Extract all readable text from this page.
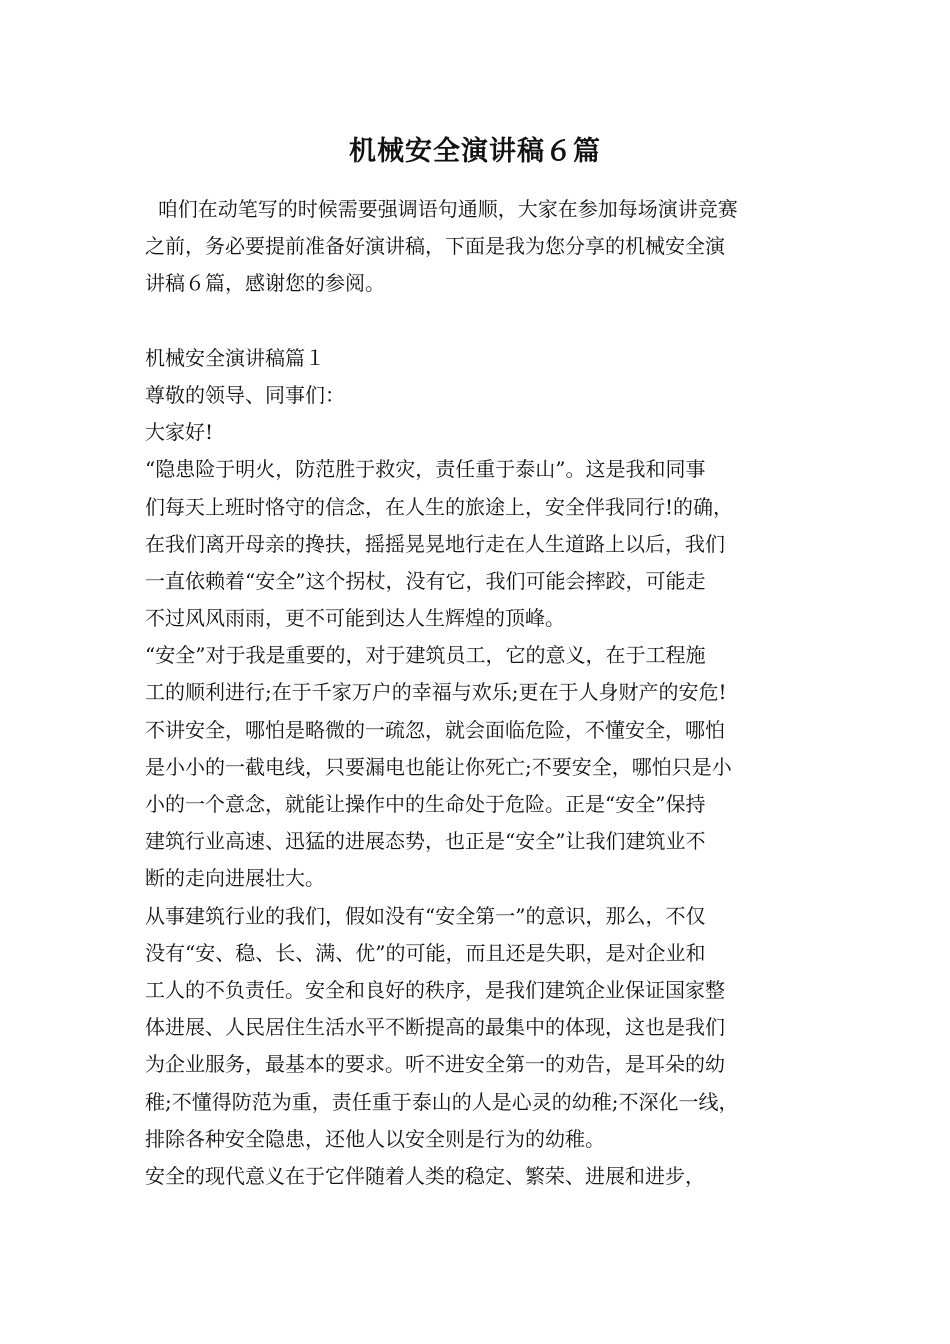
机械安全演讲稿６篇
咱们在动笔写的时候需要强调语句通顺，大家在参加每场演讲竞赛
之前，务必要提前准备好演讲稿，下面是我为您分享的机械安全演
讲稿６篇，感谢您的参阅。
机械安全演讲稿篇１
尊敬的领导、同事们：
大家好!
“隐患险于明火，防范胜于救灾，责任重于泰山”。这是我和同事
们每天上班时恪守的信念，在人生的旅途上，安全伴我同行!的确，
在我们离开母亲的搀扶，摇摇晃晃地行走在人生道路上以后，我们
一直依赖着“安全”这个拐杖，没有它，我们可能会摔跤，可能走
不过风风雨雨，更不可能到达人生辉煌的顶峰。
“安全”对于我是重要的，对于建筑员工，它的意义，在于工程施
工的顺利进行;在于千家万户的幸福与欢乐;更在于人身财产的安危!
不讲安全，哪怕是略微的一疏忽，就会面临危险，不懂安全，哪怕
是小小的一截电线，只要漏电也能让你死亡;不要安全，哪怕只是小
小的一个意念，就能让操作中的生命处于危险。正是“安全”保持
建筑行业高速、迅猛的进展态势，也正是“安全”让我们建筑业不
断的走向进展壮大。
从事建筑行业的我们，假如没有“安全第一”的意识，那么，不仅
没有“安、稳、长、满、优”的可能，而且还是失职，是对企业和
工人的不负责任。安全和良好的秩序，是我们建筑企业保证国家整
体进展、人民居住生活水平不断提高的最集中的体现，这也是我们
为企业服务，最基本的要求。听不进安全第一的劝告，是耳朵的幼
稚;不懂得防范为重，责任重于泰山的人是心灵的幼稚;不深化一线，
排除各种安全隐患，还他人以安全则是行为的幼稚。
安全的现代意义在于它伴随着人类的稳定、繁荣、进展和进步，
